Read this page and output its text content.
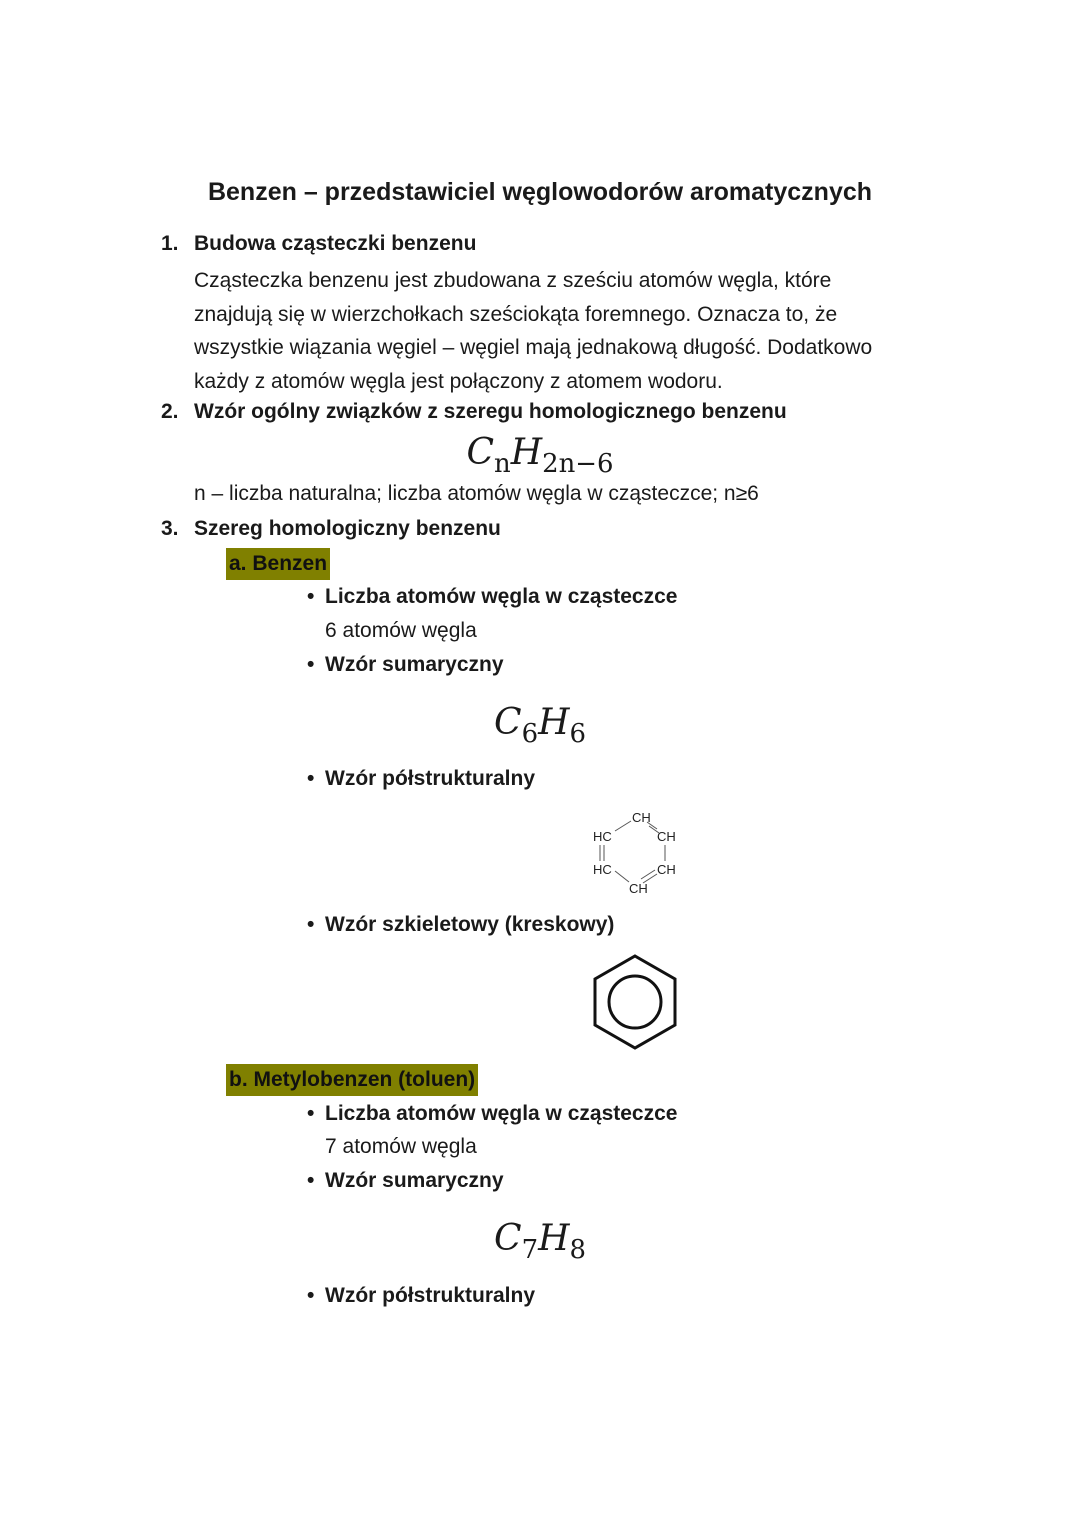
Benzen – przedstawiciel węglowodorów aromatycznych
1. Budowa cząsteczki benzenu
Cząsteczka benzenu jest zbudowana z sześciu atomów węgla, które
znajdują się w wierzchołkach sześciokąta foremnego. Oznacza to, że
wszystkie wiązania węgiel – węgiel mają jednakową długość. Dodatkowo
każdy z atomów węgla jest połączony z atomem wodoru.
2. Wzór ogólny związków z szeregu homologicznego benzenu
$C_nH_{2n-6}$
n – liczba naturalna; liczba atomów węgla w cząsteczce; n≥6
3. Szereg homologiczny benzenu
a. Benzen
• Liczba atomów węgla w cząsteczce
6 atomów węgla
• Wzór sumaryczny
$C_6H_6$
• Wzór półstrukturalny
CH
CH
CH
CH
HC
HC
• Wzór szkieletowy (kreskowy)
b. Metylobenzen (toluen)
• Liczba atomów węgla w cząsteczce
7 atomów węgla
• Wzór sumaryczny
$C_7H_8$
• Wzór półstrukturalny
